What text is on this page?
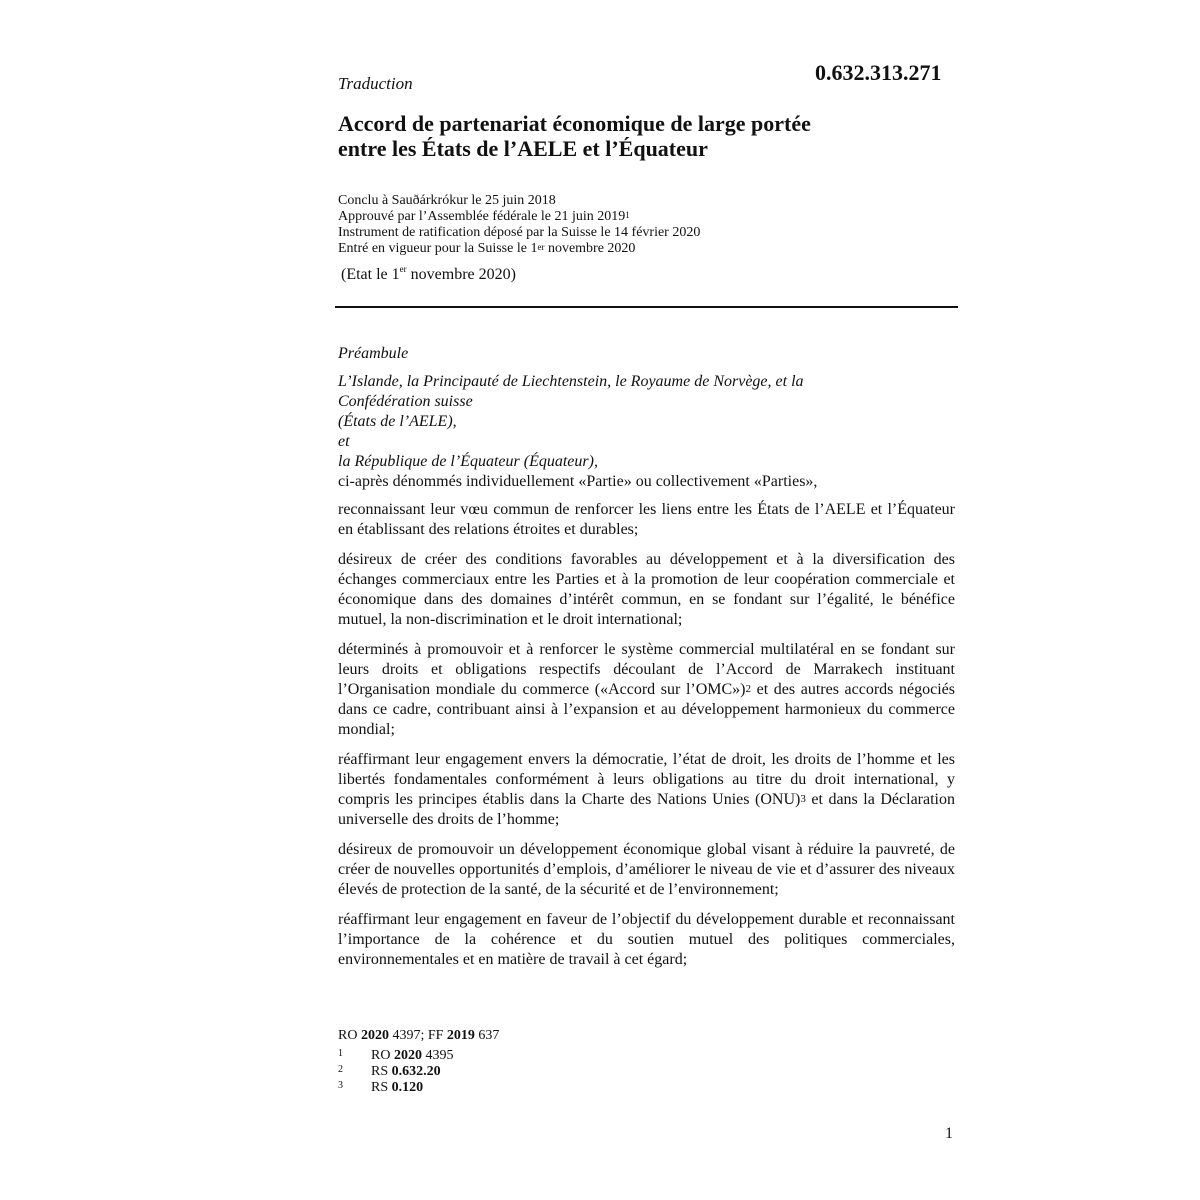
Traduction	0.632.313.271
Accord de partenariat économique de large portée
entre les États de l’AELE et l’Équateur
Conclu à Sauðárkrókur le 25 juin 2018
Approuvé par l’Assemblée fédérale le 21 juin 2019$^1$
Instrument de ratification déposé par la Suisse le 14 février 2020
Entré en vigueur pour la Suisse le 1er novembre 2020
(Etat le 1er novembre 2020)
Préambule
L’Islande, la Principauté de Liechtenstein, le Royaume de Norvège, et la
Confédération suisse
(États de l’AELE),
et
la République de l’Équateur (Équateur),
ci-après dénommés individuellement «Partie» ou collectivement «Parties»,
reconnaissant leur vœu commun de renforcer les liens entre les États de l’AELE et l’Équateur en établissant des relations étroites et durables;
désireux de créer des conditions favorables au développement et à la diversification des échanges commerciaux entre les Parties et à la promotion de leur coopération commerciale et économique dans des domaines d’intérêt commun, en se fondant sur l’égalité, le bénéfice mutuel, la non-discrimination et le droit international;
déterminés à promouvoir et à renforcer le système commercial multilatéral en se fondant sur leurs droits et obligations respectifs découlant de l’Accord de Marrakech instituant l’Organisation mondiale du commerce («Accord sur l’OMC»)$^2$ et des autres accords négociés dans ce cadre, contribuant ainsi à l’expansion et au développement harmonieux du commerce mondial;
réaffirmant leur engagement envers la démocratie, l’état de droit, les droits de l’homme et les libertés fondamentales conformément à leurs obligations au titre du droit international, y compris les principes établis dans la Charte des Nations Unies (ONU)$^3$ et dans la Déclaration universelle des droits de l’homme;
désireux de promouvoir un développement économique global visant à réduire la pauvreté, de créer de nouvelles opportunités d’emplois, d’améliorer le niveau de vie et d’assurer des niveaux élevés de protection de la santé, de la sécurité et de l’environnement;
réaffirmant leur engagement en faveur de l’objectif du développement durable et reconnaissant l’importance de la cohérence et du soutien mutuel des politiques commerciales, environnementales et en matière de travail à cet égard;
RO 2020 4397; FF 2019 637
1	RO 2020 4395
2	RS 0.632.20
3	RS 0.120
1
